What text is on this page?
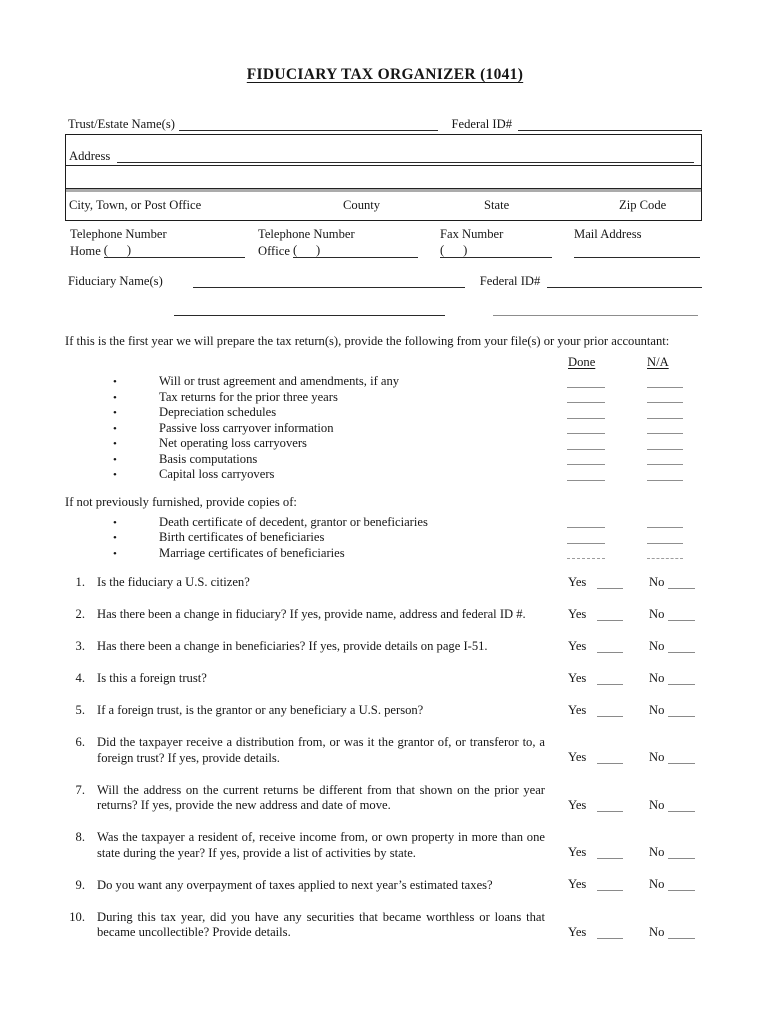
FIDUCIARY TAX ORGANIZER (1041)
Trust/Estate Name(s)	Federal ID#
Address
City, Town, or Post Office	County	State	Zip Code
Telephone Number
Home (      )
Telephone Number
Office (      )
Fax Number
(      )
Mail Address
Fiduciary Name(s)	Federal ID#
If this is the first year we will prepare the tax return(s), provide the following from your file(s) or your prior accountant:
Done	N/A
•	Will or trust agreement and amendments, if any
•	Tax returns for the prior three years
•	Depreciation schedules
•	Passive loss carryover information
•	Net operating loss carryovers
•	Basis computations
•	Capital loss carryovers
If not previously furnished, provide copies of:
•	Death certificate of decedent, grantor or beneficiaries
•	Birth certificates of beneficiaries
•	Marriage certificates of beneficiaries
1. Is the fiduciary a U.S. citizen?	Yes	No
2. Has there been a change in fiduciary? If yes, provide name, address and federal ID #.	Yes	No
3. Has there been a change in beneficiaries? If yes, provide details on page I-51.	Yes	No
4. Is this a foreign trust?	Yes	No
5. If a foreign trust, is the grantor or any beneficiary a U.S. person?	Yes	No
6. Did the taxpayer receive a distribution from, or was it the grantor of, or transferor to, a foreign trust? If yes, provide details.	Yes	No
7. Will the address on the current returns be different from that shown on the prior year returns? If yes, provide the new address and date of move.	Yes	No
8. Was the taxpayer a resident of, receive income from, or own property in more than one state during the year? If yes, provide a list of activities by state.	Yes	No
9. Do you want any overpayment of taxes applied to next year’s estimated taxes?	Yes	No
10. During this tax year, did you have any securities that became worthless or loans that became uncollectible? Provide details.	Yes	No
